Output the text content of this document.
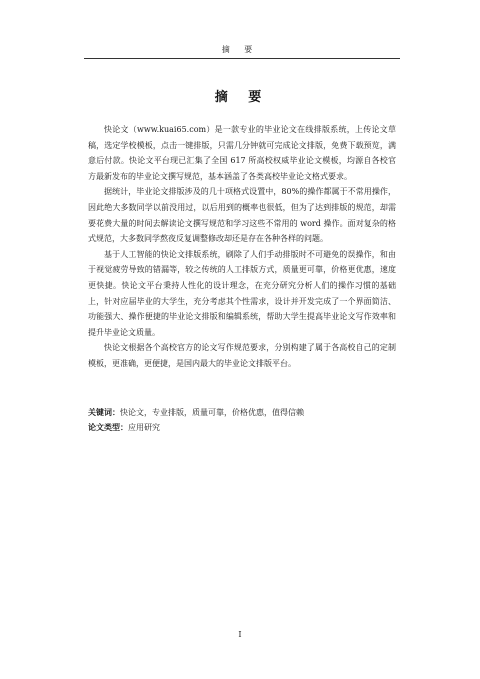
摘 要
摘 要

快论文（www.kuai65.com）是一款专业的毕业论文在线排版系统，上传论文草稿，选定学校模板，点击一键排版，只需几分钟就可完成论文排版，免费下载预览，满意后付款。快论文平台现已汇集了全国 617 所高校权威毕业论文模板，均源自各校官方最新发布的毕业论文撰写规范，基本涵盖了各类高校毕业论文格式要求。

据统计，毕业论文排版涉及的几十项格式设置中，80%的操作都属于不常用操作，因此绝大多数同学以前没用过，以后用到的概率也很低，但为了达到排版的规范，却需要花费大量的时间去解读论文撰写规范和学习这些不常用的 word 操作。面对复杂的格式规范，大多数同学熬夜反复调整修改却还是存在各种各样的问题。

基于人工智能的快论文排版系统，刷除了人们手动排版时不可避免的误操作，和由于视觉疲劳导致的错漏等，较之传统的人工排版方式，质量更可靠，价格更优惠，速度更快捷。快论文平台秉持人性化的设计理念，在充分研究分析人们的操作习惯的基础上，针对应届毕业的大学生，充分考虑其个性需求，设计并开发完成了一个界面简洁、功能强大、操作便捷的毕业论文排版和编辑系统，帮助大学生提高毕业论文写作效率和提升毕业论文质量。

快论文根据各个高校官方的论文写作规范要求，分别构建了属于各高校自己的定制模板，更准确，更便捷，是国内最大的毕业论文排版平台。

关键词：快论文，专业排版，质量可靠，价格优惠，值得信赖

论文类型：应用研究

I
